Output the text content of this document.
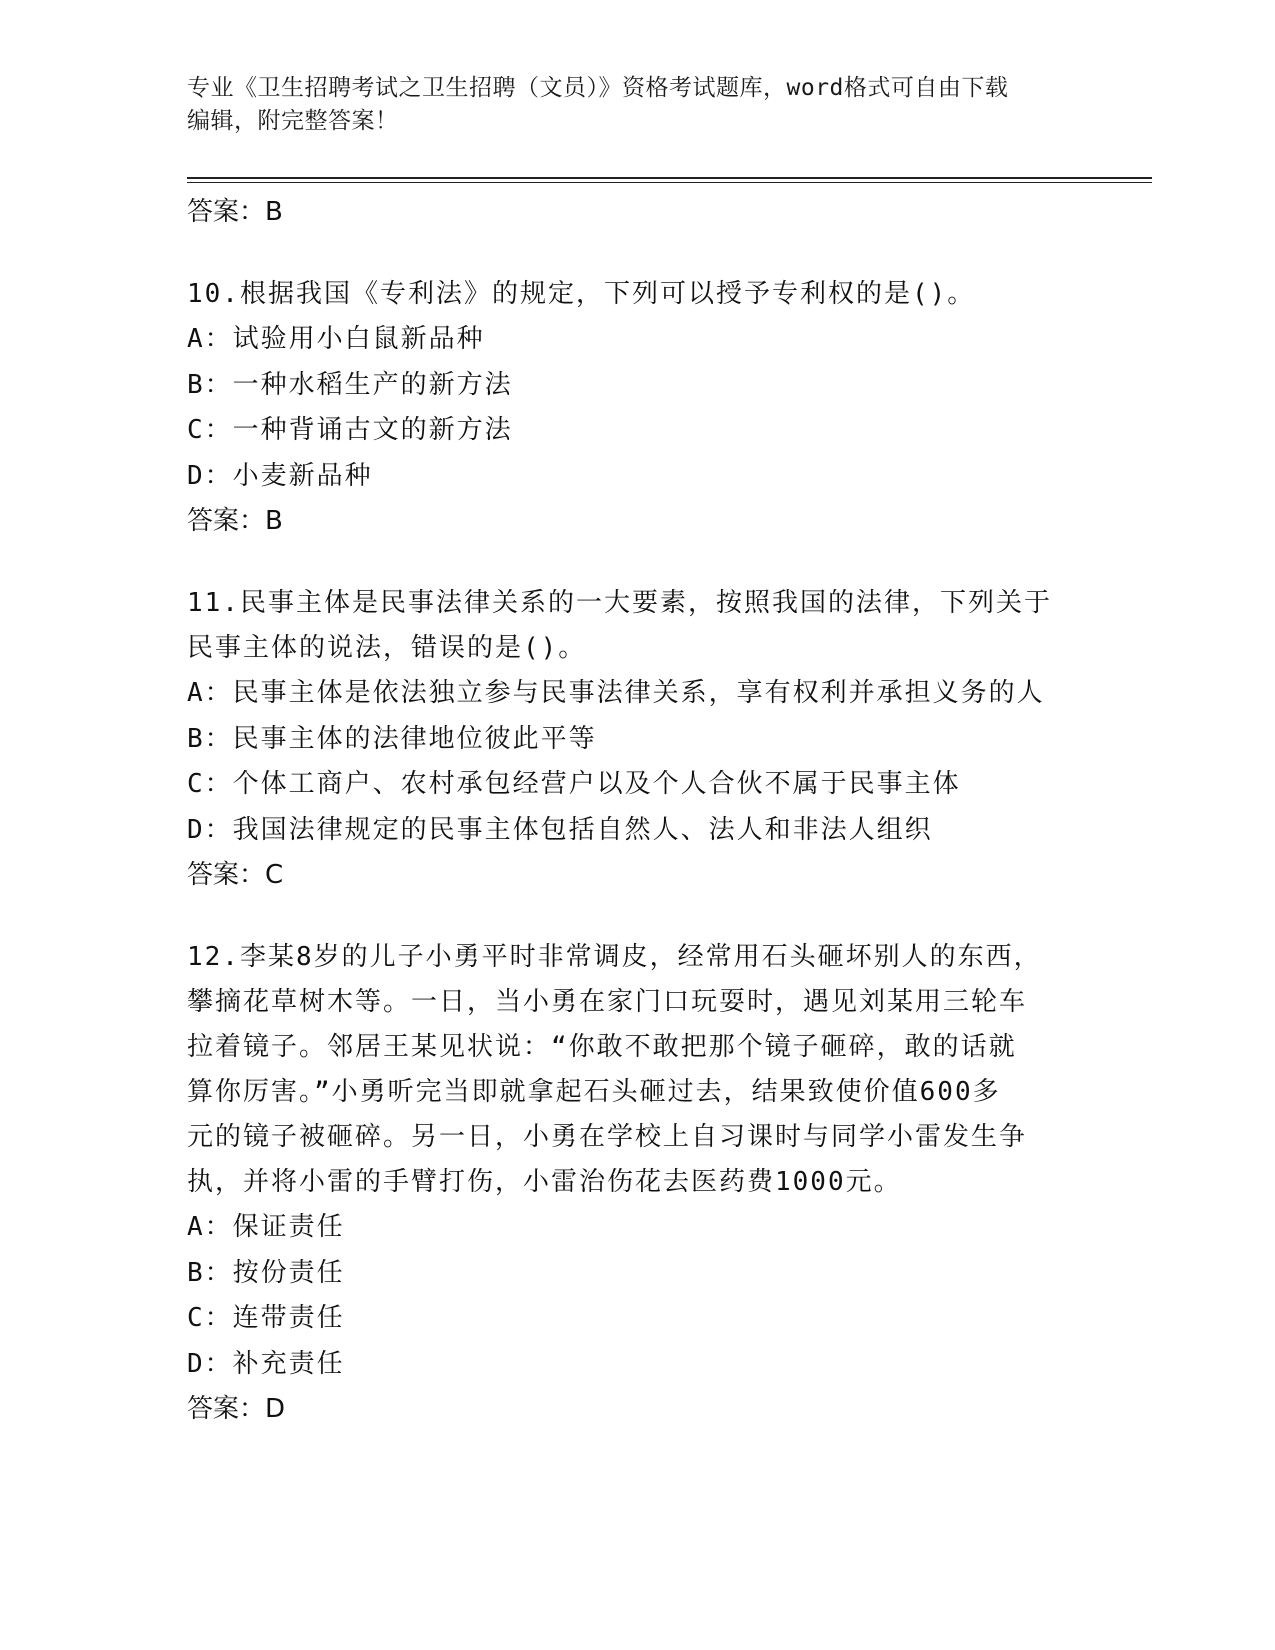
专业《卫生招聘考试之卫生招聘（文员）》资格考试题库，word格式可自由下载
编辑，附完整答案！
答案：B
10.根据我国《专利法》的规定，下列可以授予专利权的是()。
A：试验用小白鼠新品种
B：一种水稻生产的新方法
C：一种背诵古文的新方法
D：小麦新品种
答案：B
11.民事主体是民事法律关系的一大要素，按照我国的法律，下列关于
民事主体的说法，错误的是()。
A：民事主体是依法独立参与民事法律关系，享有权利并承担义务的人
B：民事主体的法律地位彼此平等
C：个体工商户、农村承包经营户以及个人合伙不属于民事主体
D：我国法律规定的民事主体包括自然人、法人和非法人组织
答案：C
12.李某8岁的儿子小勇平时非常调皮，经常用石头砸坏别人的东西，
攀摘花草树木等。一日，当小勇在家门口玩耍时，遇见刘某用三轮车
拉着镜子。邻居王某见状说：“你敢不敢把那个镜子砸碎，敢的话就
算你厉害。”小勇听完当即就拿起石头砸过去，结果致使价值600多
元的镜子被砸碎。另一日，小勇在学校上自习课时与同学小雷发生争
执，并将小雷的手臂打伤，小雷治伤花去医药费1000元。
A：保证责任
B：按份责任
C：连带责任
D：补充责任
答案：D
